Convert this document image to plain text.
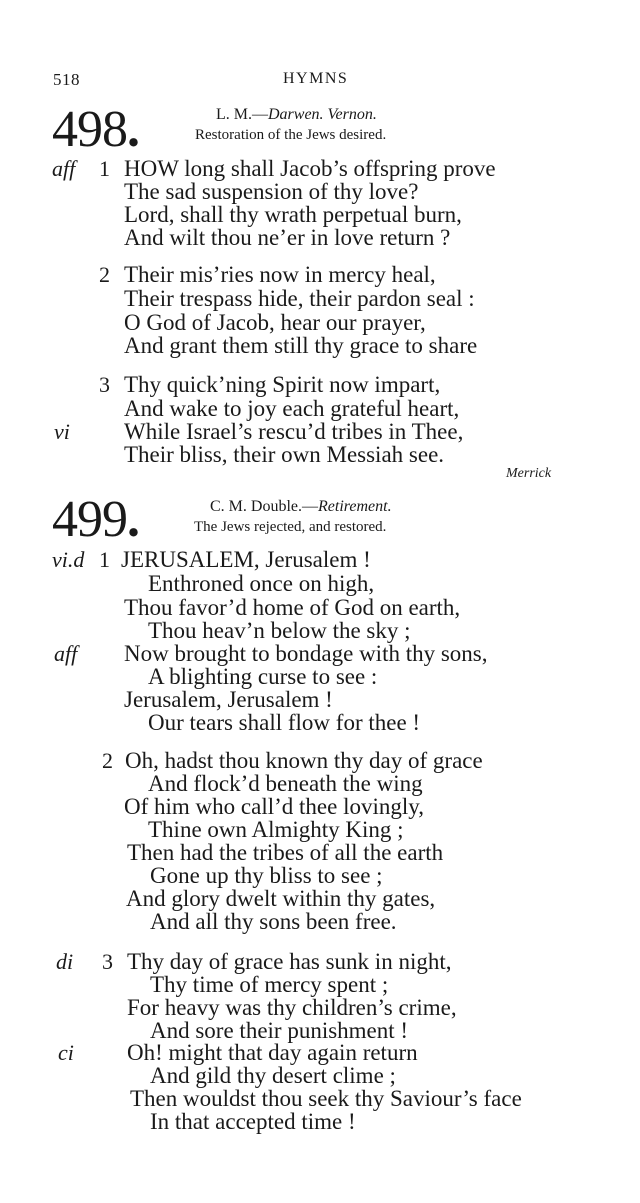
518	HYMNS
498.	L. M.—Darwen. Vernon.
Restoration of the Jews desired.
aff 1 HOW long shall Jacob’s offspring prove
The sad suspension of thy love?
Lord, shall thy wrath perpetual burn,
And wilt thou ne’er in love return ?
2 Their mis’ries now in mercy heal,
Their trespass hide, their pardon seal :
O God of Jacob, hear our prayer,
And grant them still thy grace to share
3 Thy quick’ning Spirit now impart,
And wake to joy each grateful heart,
vi While Israel’s rescu’d tribes in Thee,
Their bliss, their own Messiah see.
Merrick
499.	C. M. Double.—Retirement.
The Jews rejected, and restored.
vi.d 1 JERUSALEM, Jerusalem !
Enthroned once on high,
Thou favor’d home of God on earth,
Thou heav’n below the sky ;
aff Now brought to bondage with thy sons,
A blighting curse to see :
Jerusalem, Jerusalem !
Our tears shall flow for thee !
2 Oh, hadst thou known thy day of grace
And flock’d beneath the wing
Of him who call’d thee lovingly,
Thine own Almighty King ;
Then had the tribes of all the earth
Gone up thy bliss to see ;
And glory dwelt within thy gates,
And all thy sons been free.
di 3 Thy day of grace has sunk in night,
Thy time of mercy spent ;
For heavy was thy children’s crime,
And sore their punishment !
ci Oh! might that day again return
And gild thy desert clime ;
Then wouldst thou seek thy Saviour’s face
In that accepted time !
